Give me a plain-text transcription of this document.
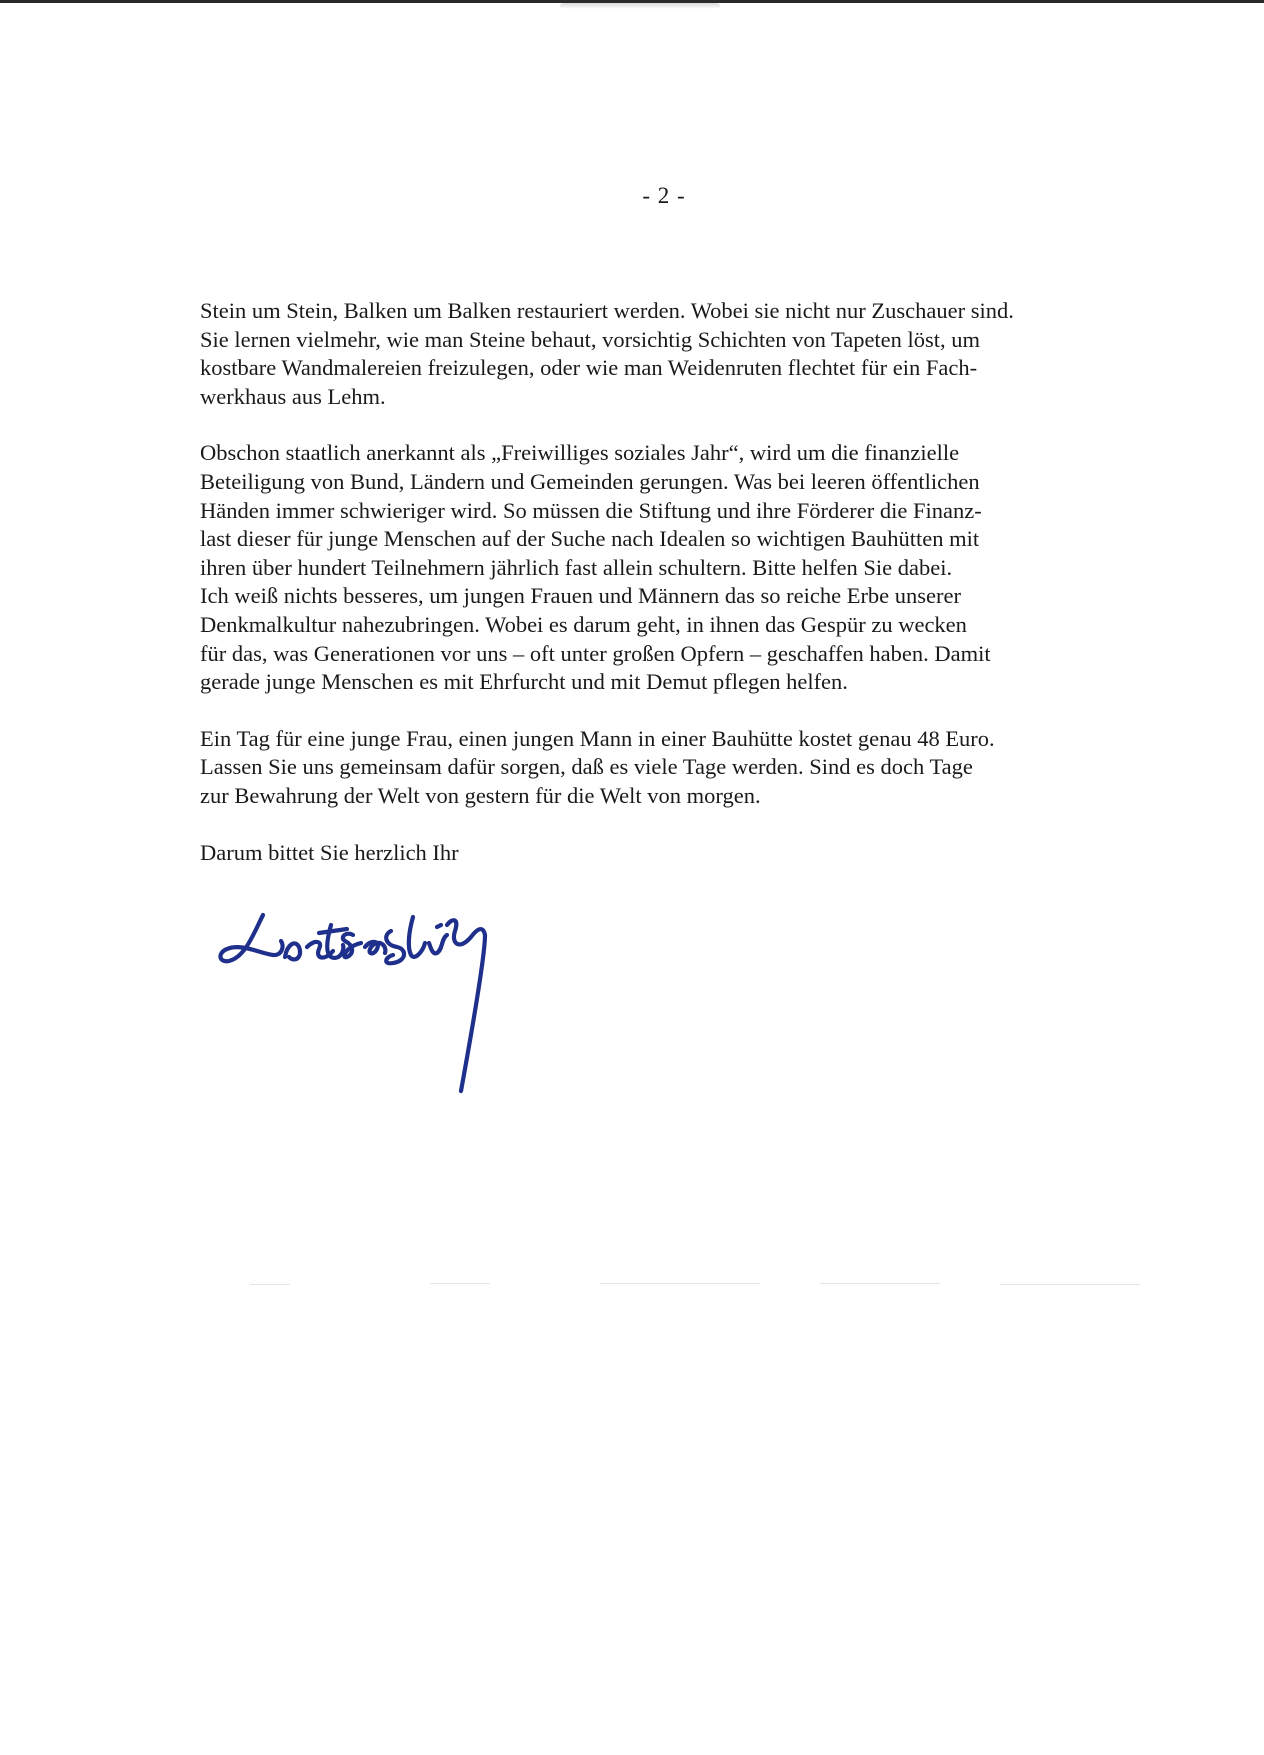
- 2 -
Stein um Stein, Balken um Balken restauriert werden. Wobei sie nicht nur Zuschauer sind.
Sie lernen vielmehr, wie man Steine behaut, vorsichtig Schichten von Tapeten löst, um
kostbare Wandmalereien freizulegen, oder wie man Weidenruten flechtet für ein Fach-
werkhaus aus Lehm.
Obschon staatlich anerkannt als „Freiwilliges soziales Jahr“, wird um die finanzielle
Beteiligung von Bund, Ländern und Gemeinden gerungen. Was bei leeren öffentlichen
Händen immer schwieriger wird. So müssen die Stiftung und ihre Förderer die Finanz-
last dieser für junge Menschen auf der Suche nach Idealen so wichtigen Bauhütten mit
ihren über hundert Teilnehmern jährlich fast allein schultern. Bitte helfen Sie dabei.
Ich weiß nichts besseres, um jungen Frauen und Männern das so reiche Erbe unserer
Denkmalkultur nahezubringen. Wobei es darum geht, in ihnen das Gespür zu wecken
für das, was Generationen vor uns – oft unter großen Opfern – geschaffen haben. Damit
gerade junge Menschen es mit Ehrfurcht und mit Demut pflegen helfen.
Ein Tag für eine junge Frau, einen jungen Mann in einer Bauhütte kostet genau 48 Euro.
Lassen Sie uns gemeinsam dafür sorgen, daß es viele Tage werden. Sind es doch Tage
zur Bewahrung der Welt von gestern für die Welt von morgen.
Darum bittet Sie herzlich Ihr
